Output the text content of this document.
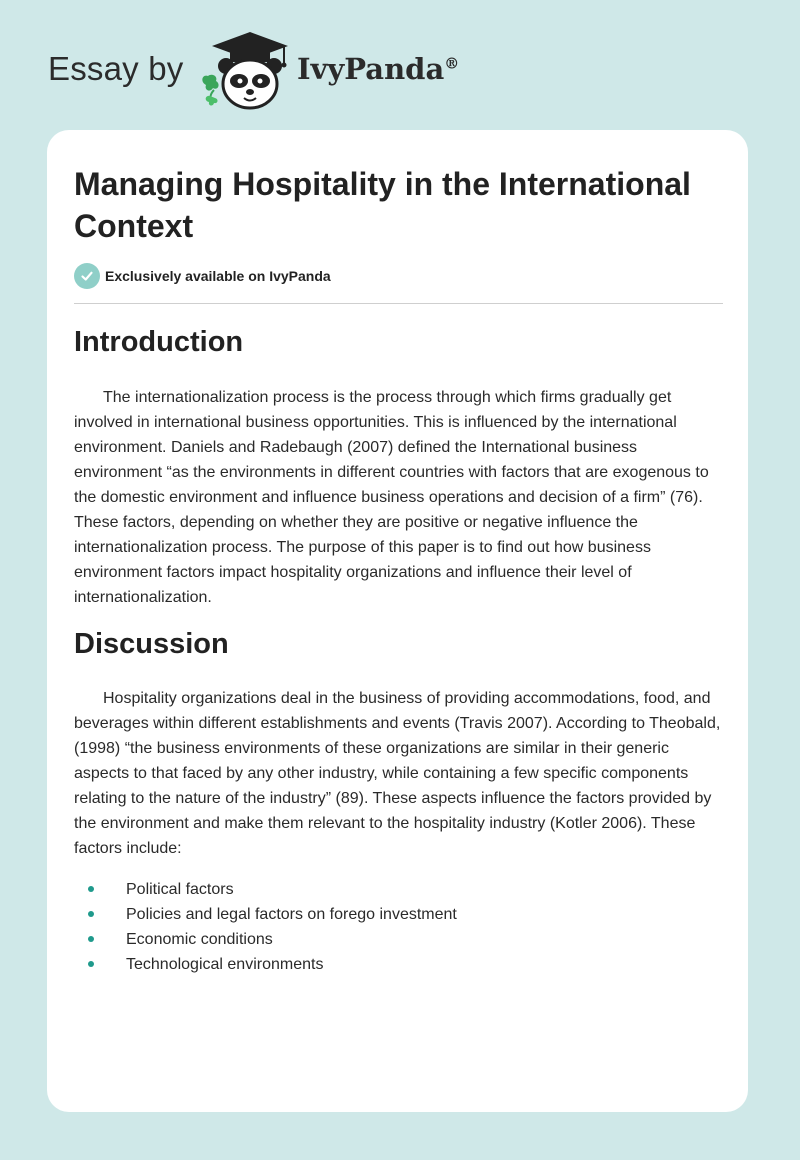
Essay by	IvyPanda®
Managing Hospitality in the International Context
Exclusively available on IvyPanda
Introduction

The internationalization process is the process through which firms gradually get involved in international business opportunities. This is influenced by the international environment. Daniels and Radebaugh (2007) defined the International business environment “as the environments in different countries with factors that are exogenous to the domestic environment and influence business operations and decision of a firm” (76). These factors, depending on whether they are positive or negative influence the internationalization process. The purpose of this paper is to find out how business environment factors impact hospitality organizations and influence their level of internationalization.

Discussion

Hospitality organizations deal in the business of providing accommodations, food, and beverages within different establishments and events (Travis 2007). According to Theobald, (1998) “the business environments of these organizations are similar in their generic aspects to that faced by any other industry, while containing a few specific components relating to the nature of the industry” (89). These aspects influence the factors provided by the environment and make them relevant to the hospitality industry (Kotler 2006). These factors include:

Political factors
Policies and legal factors on forego investment
Economic conditions
Technological environments
